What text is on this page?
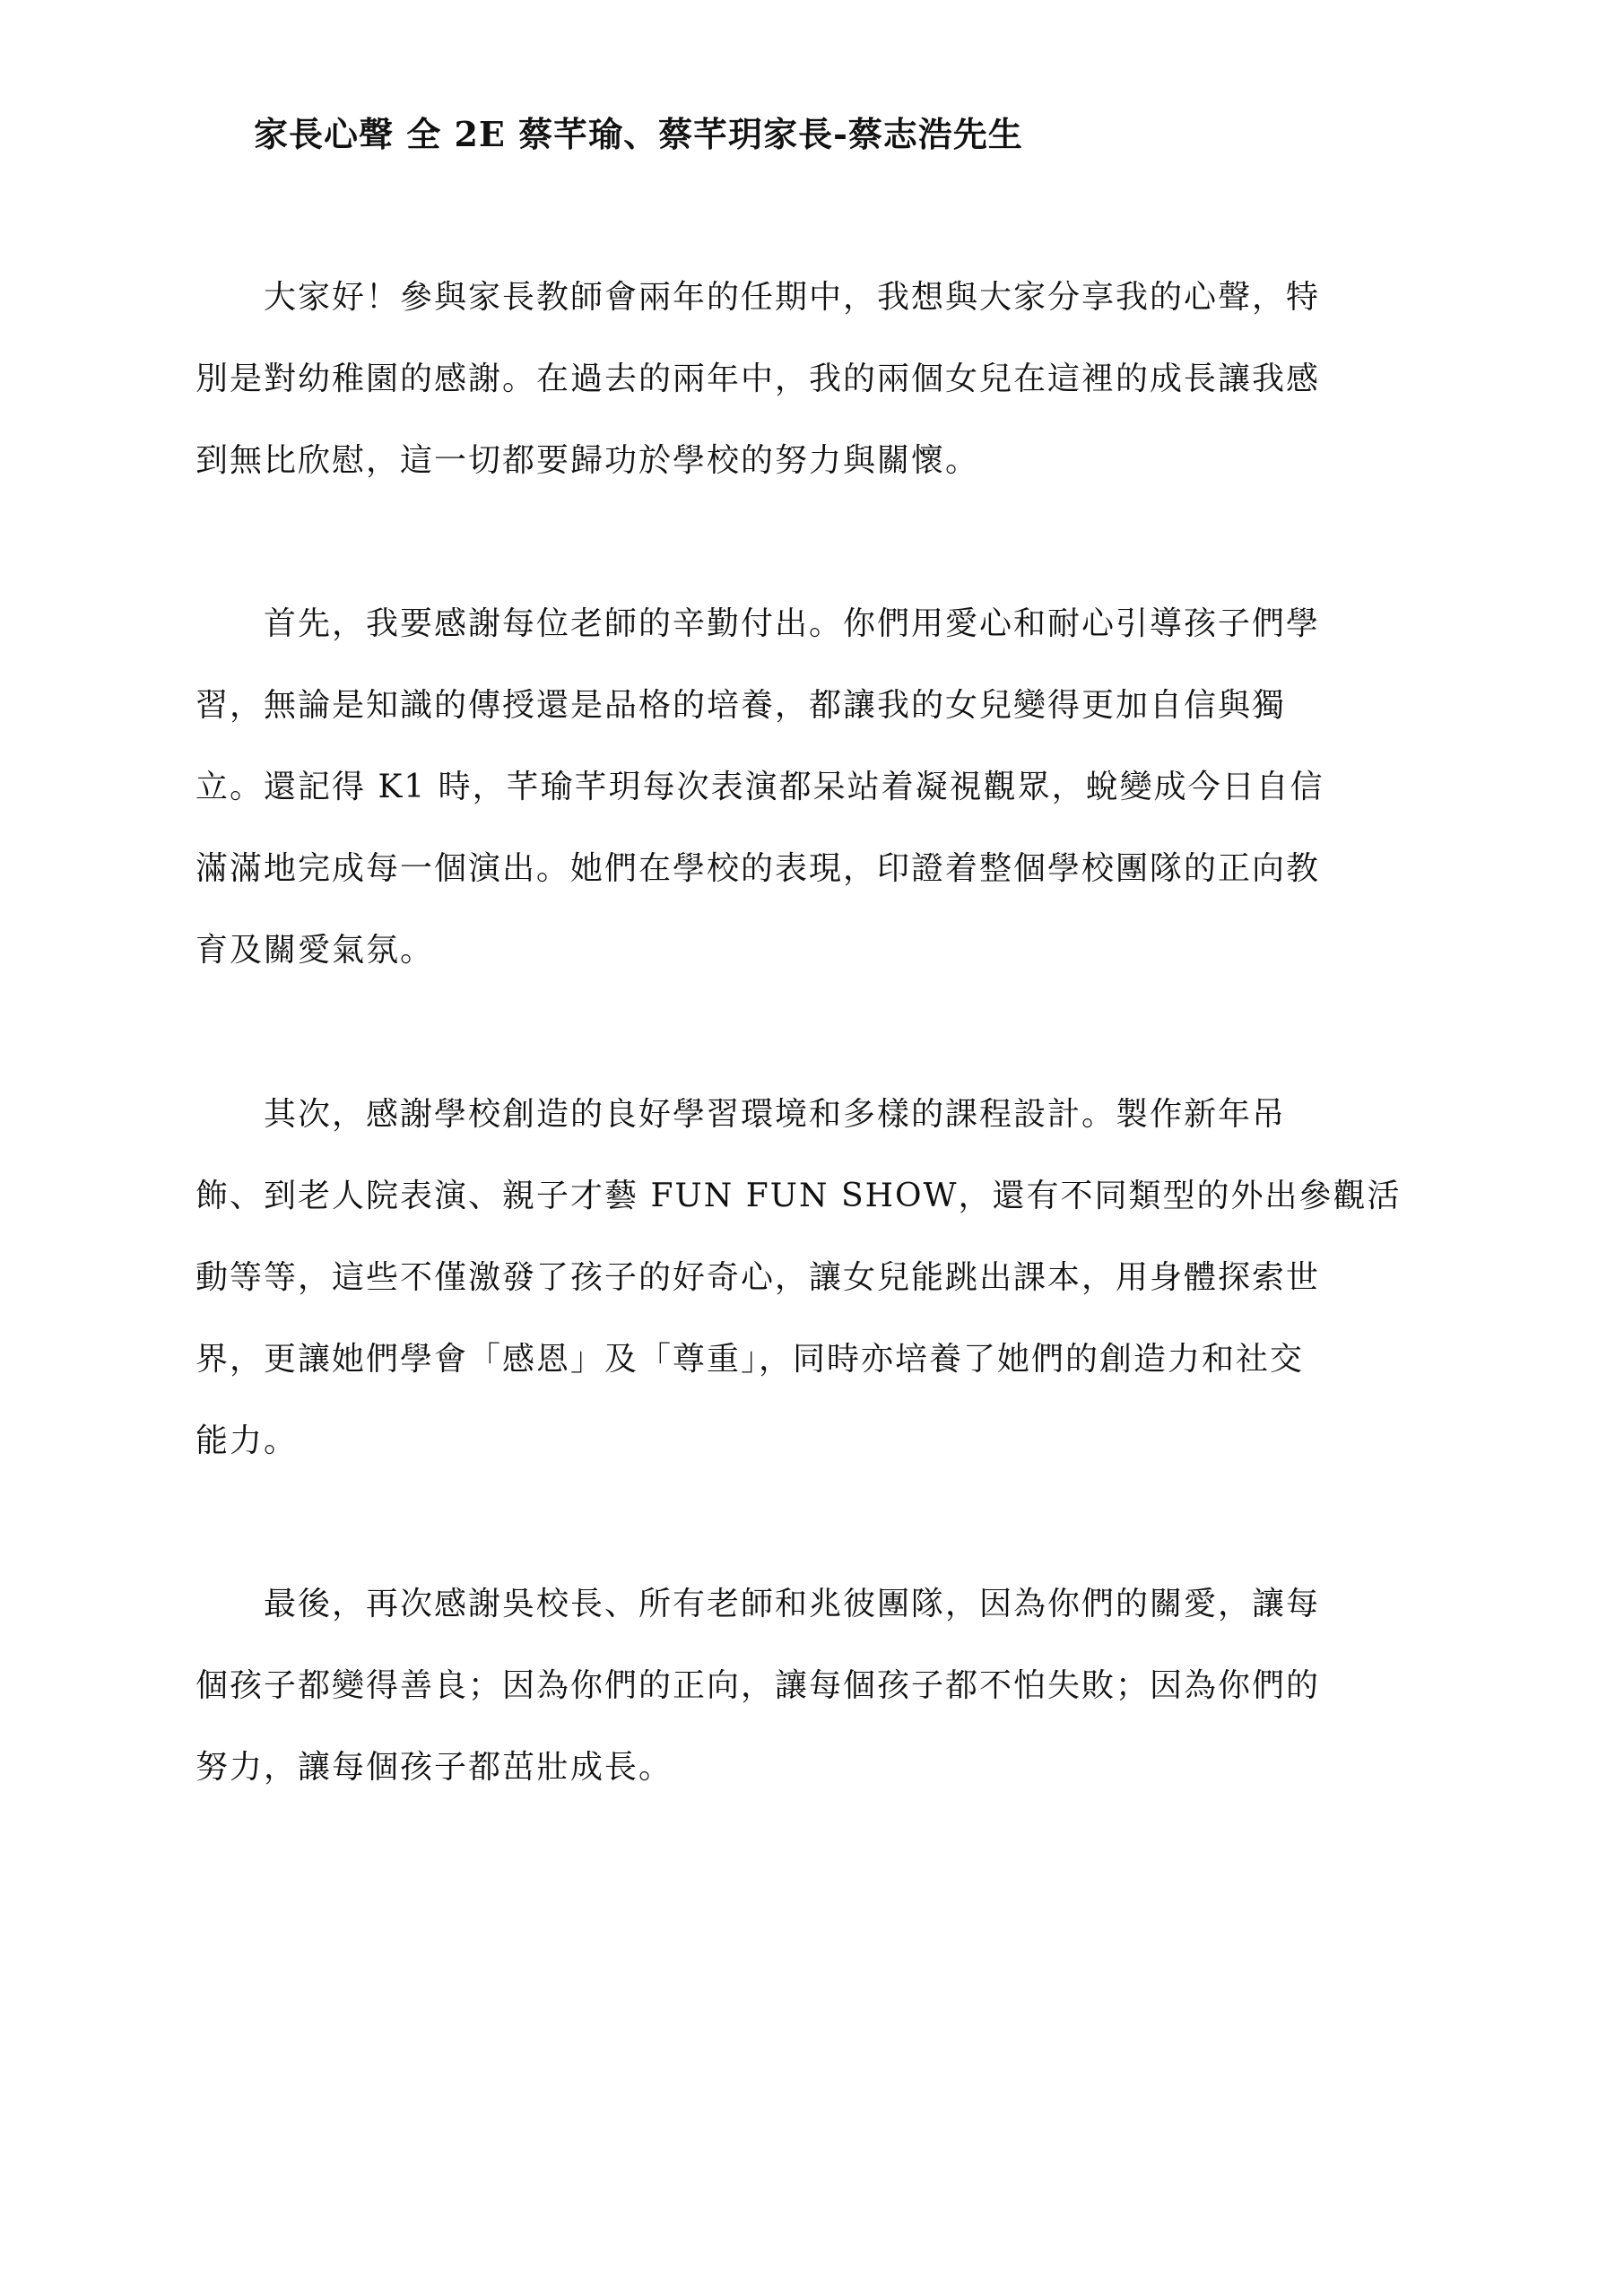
家長心聲 全 2E 蔡芊瑜、蔡芊玥家長-蔡志浩先生
大家好！參與家長教師會兩年的任期中，我想與大家分享我的心聲，特
別是對幼稚園的感謝。在過去的兩年中，我的兩個女兒在這裡的成長讓我感
到無比欣慰，這一切都要歸功於學校的努力與關懷。
首先，我要感謝每位老師的辛勤付出。你們用愛心和耐心引導孩子們學
習，無論是知識的傳授還是品格的培養，都讓我的女兒變得更加自信與獨
立。還記得 K1 時，芊瑜芊玥每次表演都呆站着凝視觀眾，蛻變成今日自信
滿滿地完成每一個演出。她們在學校的表現，印證着整個學校團隊的正向教
育及關愛氣氛。
其次，感謝學校創造的良好學習環境和多樣的課程設計。製作新年吊
飾、到老人院表演、親子才藝 FUN FUN SHOW，還有不同類型的外出參觀活
動等等，這些不僅激發了孩子的好奇心，讓女兒能跳出課本，用身體探索世
界，更讓她們學會「感恩」及「尊重」，同時亦培養了她們的創造力和社交
能力。
最後，再次感謝吳校長、所有老師和兆彼團隊，因為你們的關愛，讓每
個孩子都變得善良；因為你們的正向，讓每個孩子都不怕失敗；因為你們的
努力，讓每個孩子都茁壯成長。
